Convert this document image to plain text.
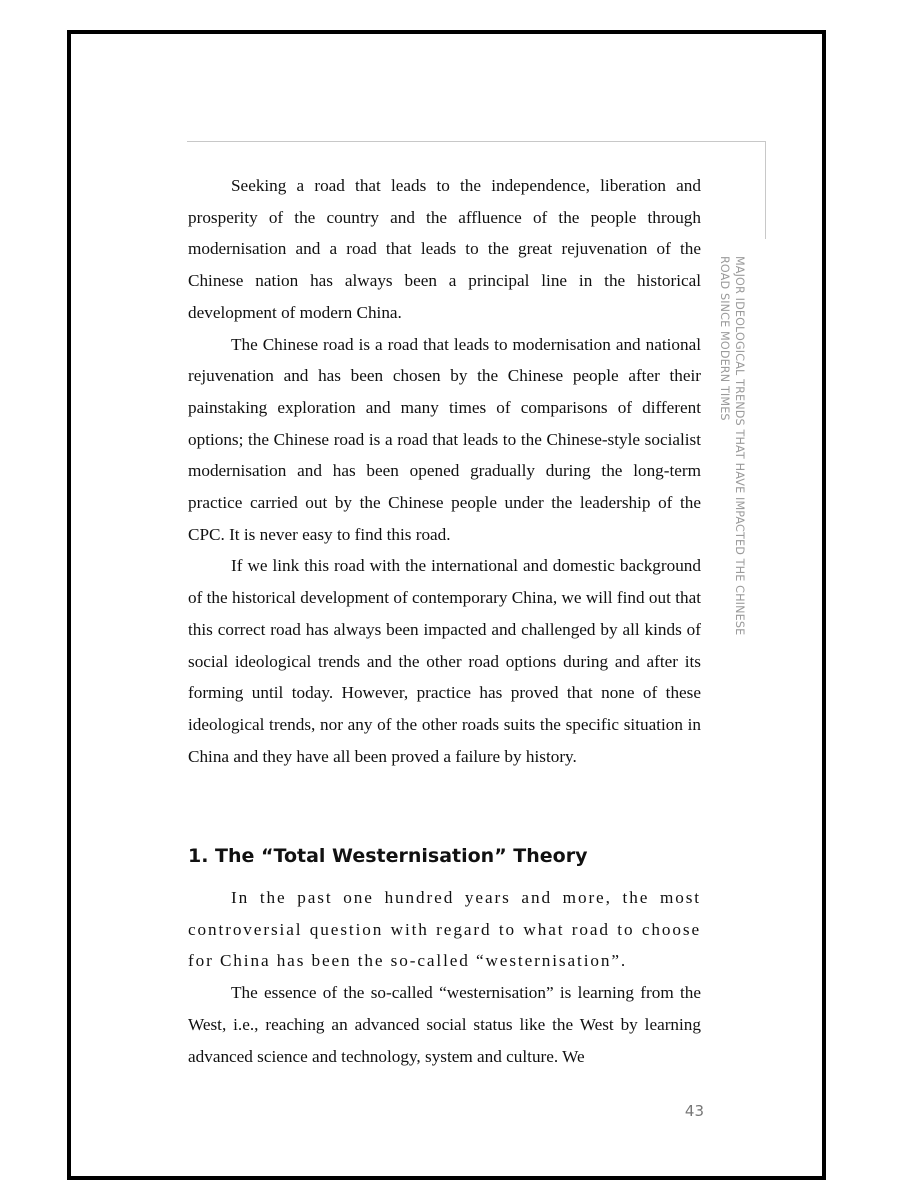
MAJOR IDEOLOGICAL TRENDS THAT HAVE IMPACTED THE CHINESE
ROAD SINCE MODERN TIMES

Seeking a road that leads to the independence, liberation and prosperity of the country and the affluence of the people through modernisation and a road that leads to the great rejuvenation of the Chinese nation has always been a principal line in the historical development of modern China.

The Chinese road is a road that leads to modernisation and national rejuvenation and has been chosen by the Chinese people after their painstaking exploration and many times of comparisons of different options; the Chinese road is a road that leads to the Chinese-style socialist modernisation and has been opened gradually during the long-term practice carried out by the Chinese people under the leadership of the CPC. It is never easy to find this road.

If we link this road with the international and domestic background of the historical development of contemporary China, we will find out that this correct road has always been impacted and challenged by all kinds of social ideological trends and the other road options during and after its forming until today. However, practice has proved that none of these ideological trends, nor any of the other roads suits the specific situation in China and they have all been proved a failure by history.

1. The “Total Westernisation” Theory

In the past one hundred years and more, the most controversial question with regard to what road to choose for China has been the so-called “westernisation”.

The essence of the so-called “westernisation” is learning from the West, i.e., reaching an advanced social status like the West by learning advanced science and technology, system and culture. We

43
